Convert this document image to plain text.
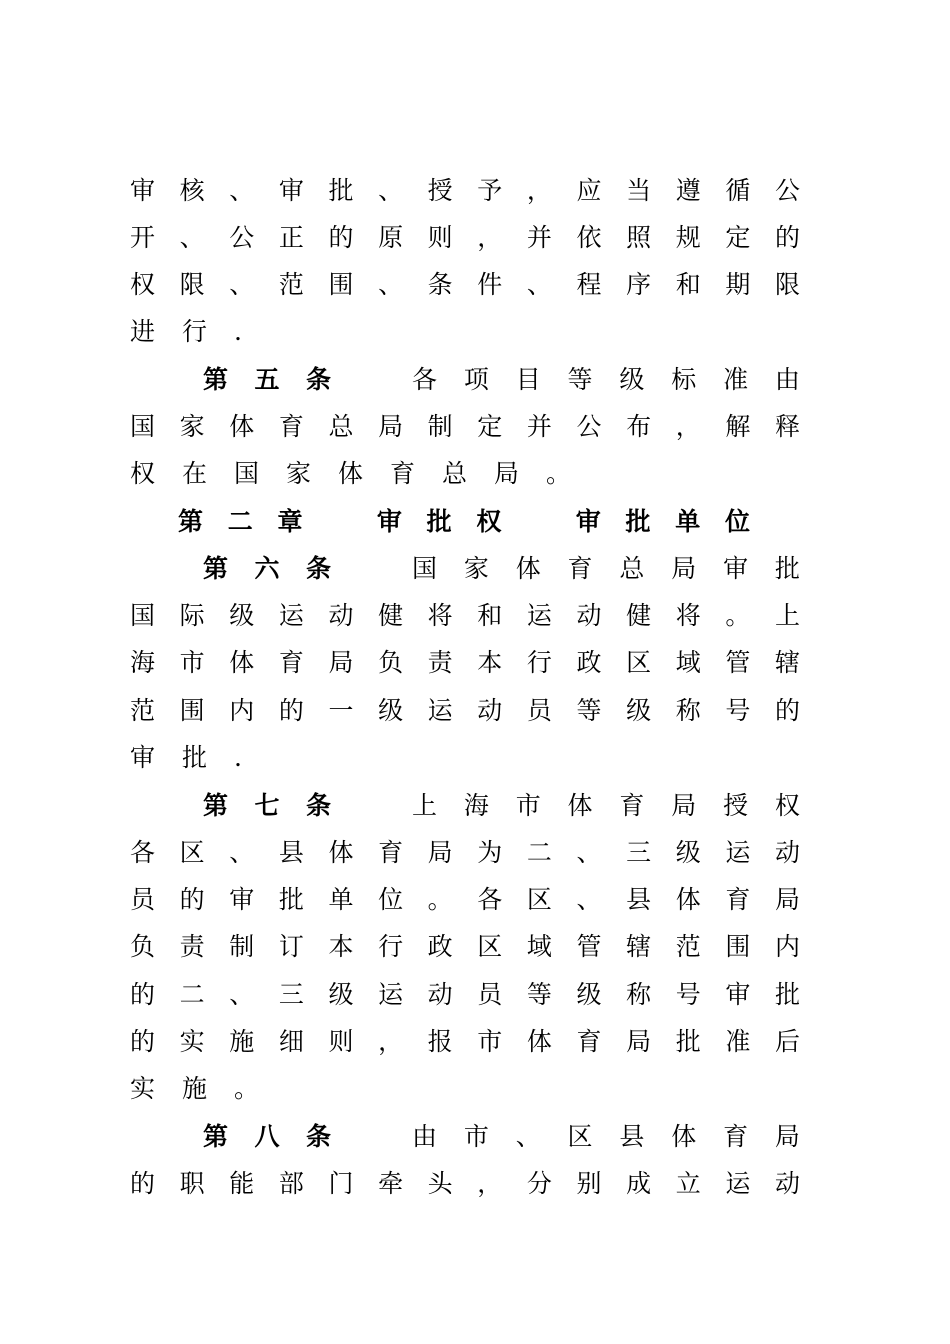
审核、审批、授予，应当遵循公
开、公正的原则，并依照规定的
权限、范围、条件、程序和期限
进行.
第 五 条	各 项 目 等 级 标 准 由
国家体育总局制定并公布，解释
权在国家体育总局。
第二章　审批权　审批单位
第 六 条	国 家 体 育 总 局 审 批
国际级运动健将和运动健将。上
海市体育局负责本行政区域管辖
范围内的一级运动员等级称号的
审批.
第 七 条	上 海 市 体 育 局 授 权
各区、县体育局为二、三级运动
员的审批单位。各区、县体育局
负责制订本行政区域管辖范围内
的二、三级运动员等级称号审批
的实施细则，报市体育局批准后
实施。
第 八 条	由 市 、 区 县 体 育 局
的职能部门牵头，分别成立运动
